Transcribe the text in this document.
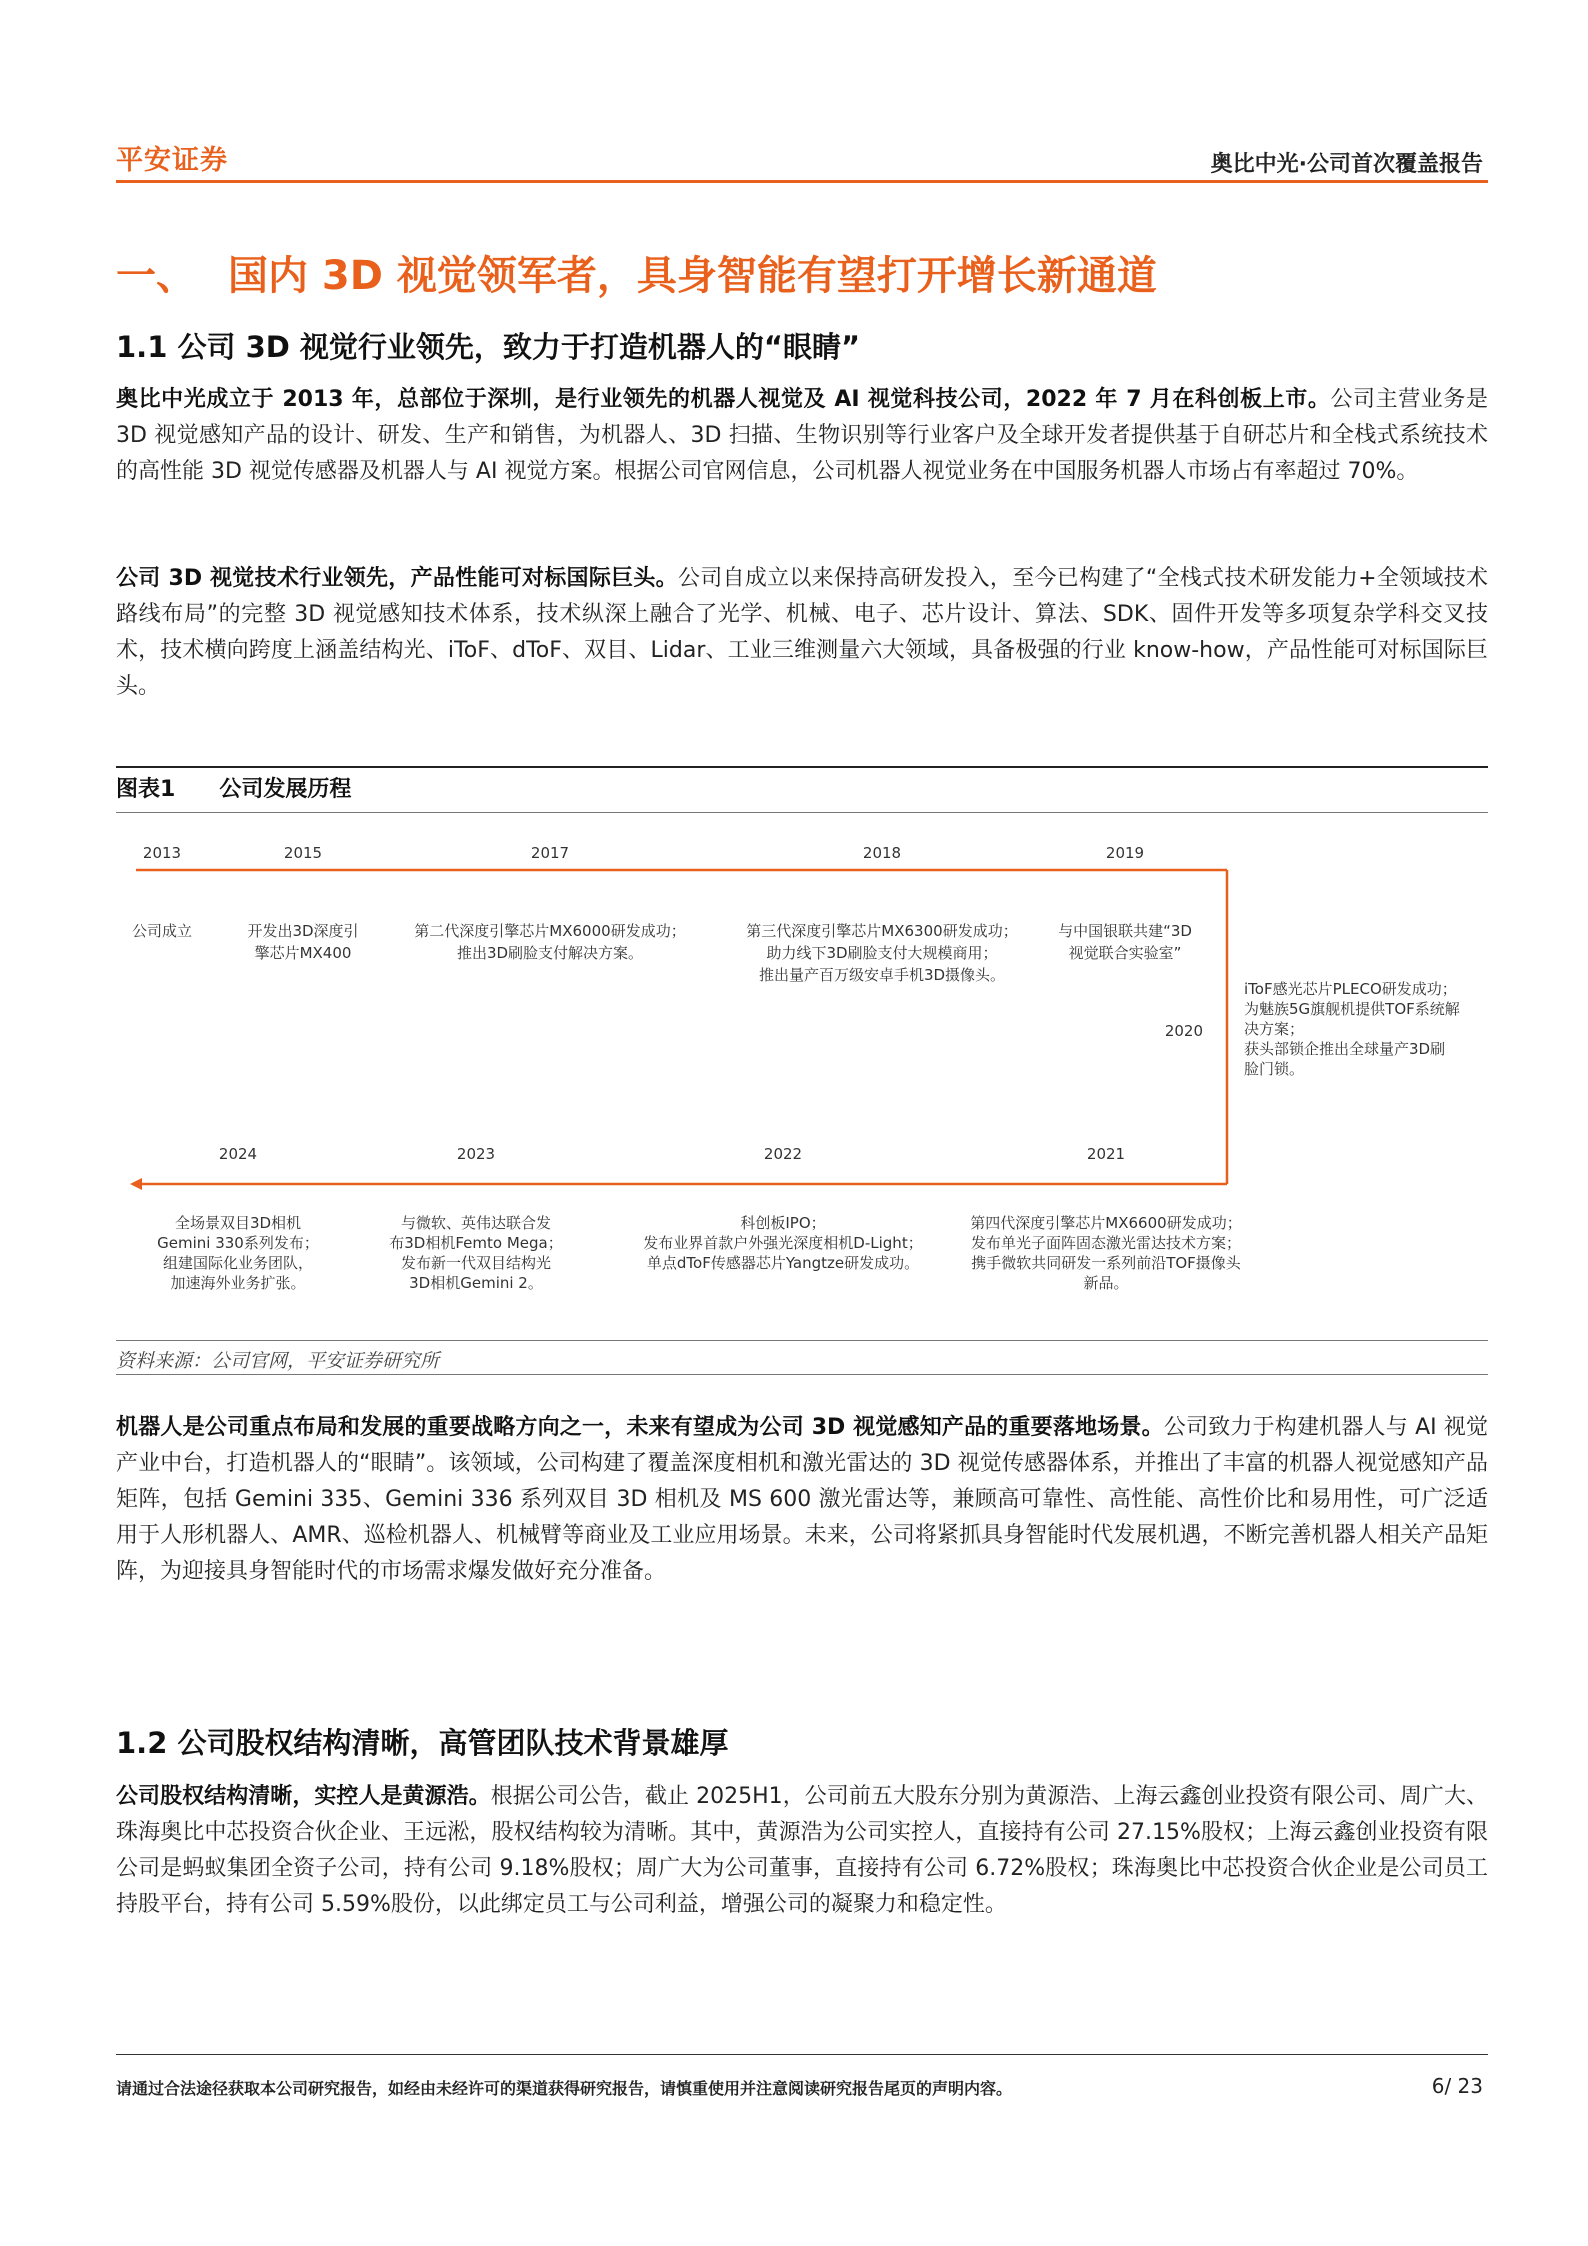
平安证券	奥比中光·公司首次覆盖报告
一、 国内 3D 视觉领军者，具身智能有望打开增长新通道
1.1 公司 3D 视觉行业领先，致力于打造机器人的“眼睛”
奥比中光成立于 2013 年，总部位于深圳，是行业领先的机器人视觉及 AI 视觉科技公司，2022 年 7 月在科创板上市。公司主营业务是 3D 视觉感知产品的设计、研发、生产和销售，为机器人、3D 扫描、生物识别等行业客户及全球开发者提供基于自研芯片和全栈式系统技术的高性能 3D 视觉传感器及机器人与 AI 视觉方案。根据公司官网信息，公司机器人视觉业务在中国服务机器人市场占有率超过 70%。
公司 3D 视觉技术行业领先，产品性能可对标国际巨头。公司自成立以来保持高研发投入，至今已构建了“全栈式技术研发能力+全领域技术路线布局”的完整 3D 视觉感知技术体系，技术纵深上融合了光学、机械、电子、芯片设计、算法、SDK、固件开发等多项复杂学科交叉技术，技术横向跨度上涵盖结构光、iToF、dToF、双目、Lidar、工业三维测量六大领域，具备极强的行业 know-how，产品性能可对标国际巨头。
图表1 公司发展历程
2013
公司成立
2015
开发出3D深度引
擎芯片MX400
2017
第二代深度引擎芯片MX6000研发成功；
推出3D刷脸支付解决方案。
2018
第三代深度引擎芯片MX6300研发成功；
助力线下3D刷脸支付大规模商用；
推出量产百万级安卓手机3D摄像头。
2019
与中国银联共建“3D
视觉联合实验室”
2020
iToF感光芯片PLECO研发成功；
为魅族5G旗舰机提供TOF系统解
决方案；
获头部锁企推出全球量产3D刷
脸门锁。
2024
全场景双目3D相机
Gemini 330系列发布；
组建国际化业务团队，
加速海外业务扩张。
2023
与微软、英伟达联合发
布3D相机Femto Mega；
发布新一代双目结构光
3D相机Gemini 2。
2022
科创板IPO；
发布业界首款户外强光深度相机D-Light；
单点dToF传感器芯片Yangtze研发成功。
2021
第四代深度引擎芯片MX6600研发成功；
发布单光子面阵固态激光雷达技术方案；
携手微软共同研发一系列前沿TOF摄像头
新品。
资料来源：公司官网，平安证券研究所
机器人是公司重点布局和发展的重要战略方向之一，未来有望成为公司 3D 视觉感知产品的重要落地场景。公司致力于构建机器人与 AI 视觉产业中台，打造机器人的“眼睛”。该领域，公司构建了覆盖深度相机和激光雷达的 3D 视觉传感器体系，并推出了丰富的机器人视觉感知产品矩阵，包括 Gemini 335、Gemini 336 系列双目 3D 相机及 MS 600 激光雷达等，兼顾高可靠性、高性能、高性价比和易用性，可广泛适用于人形机器人、AMR、巡检机器人、机械臂等商业及工业应用场景。未来，公司将紧抓具身智能时代发展机遇，不断完善机器人相关产品矩阵，为迎接具身智能时代的市场需求爆发做好充分准备。
1.2 公司股权结构清晰，高管团队技术背景雄厚
公司股权结构清晰，实控人是黄源浩。根据公司公告，截止 2025H1，公司前五大股东分别为黄源浩、上海云鑫创业投资有限公司、周广大、珠海奥比中芯投资合伙企业、王远淞，股权结构较为清晰。其中，黄源浩为公司实控人，直接持有公司 27.15%股权；上海云鑫创业投资有限公司是蚂蚁集团全资子公司，持有公司 9.18%股权；周广大为公司董事，直接持有公司 6.72%股权；珠海奥比中芯投资合伙企业是公司员工持股平台，持有公司 5.59%股份，以此绑定员工与公司利益，增强公司的凝聚力和稳定性。
请通过合法途径获取本公司研究报告，如经由未经许可的渠道获得研究报告，请慎重使用并注意阅读研究报告尾页的声明内容。	6/ 23
